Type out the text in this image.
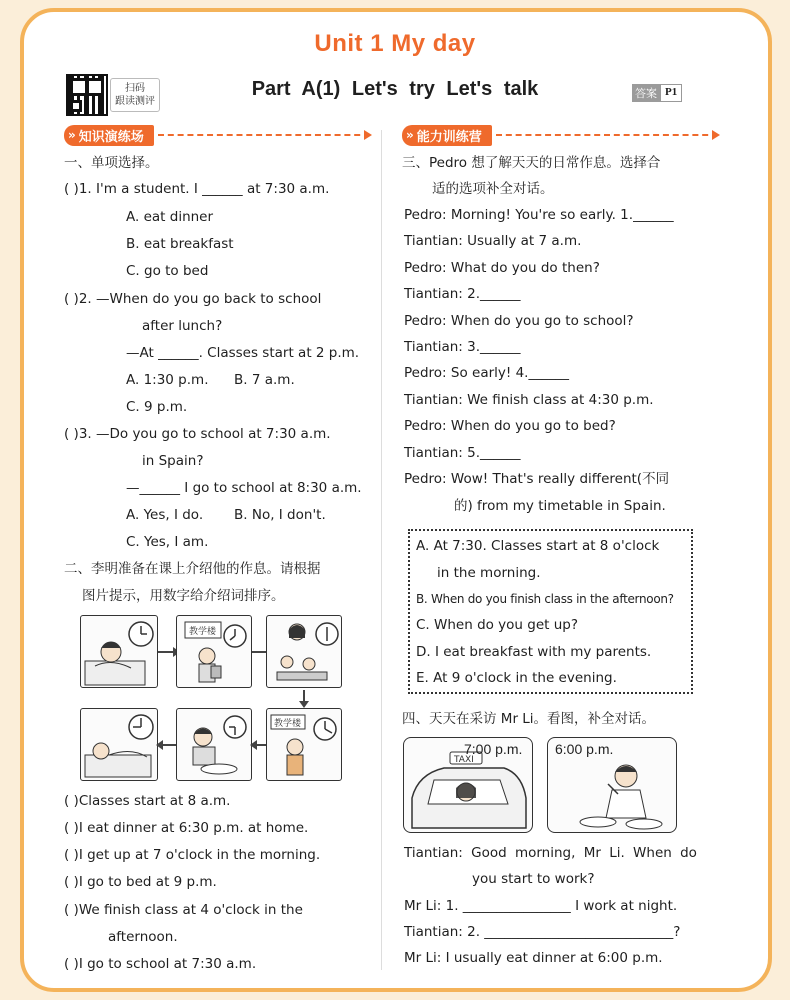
Unit 1 My day
扫码
跟读测评
Part A(1) Let's try Let's talk	答案 P1
» 知识演练场
一、单项选择。
( )1. I'm a student. I ______ at 7:30 a.m.
A. eat dinner
B. eat breakfast
C. go to bed
( )2. —When do you go back to school
after lunch?
—At ______. Classes start at 2 p.m.
A. 1:30 p.m. B. 7 a.m.
C. 9 p.m.
( )3. —Do you go to school at 7:30 a.m.
in Spain?
—______ I go to school at 8:30 a.m.
A. Yes, I do. B. No, I don't.
C. Yes, I am.
二、李明准备在课上介绍他的作息。请根据
图片提示，用数字给介绍词排序。
教学楼
教学楼
( )Classes start at 8 a.m.
( )I eat dinner at 6:30 p.m. at home.
( )I get up at 7 o'clock in the morning.
( )I go to bed at 9 p.m.
( )We finish class at 4 o'clock in the
afternoon.
( )I go to school at 7:30 a.m.
» 能力训练营
三、Pedro 想了解天天的日常作息。选择合
适的选项补全对话。
Pedro: Morning! You're so early. 1.______
Tiantian: Usually at 7 a.m.
Pedro: What do you do then?
Tiantian: 2.______
Pedro: When do you go to school?
Tiantian: 3.______
Pedro: So early! 4.______
Tiantian: We finish class at 4:30 p.m.
Pedro: When do you go to bed?
Tiantian: 5.______
Pedro: Wow! That's really different(不同
的) from my timetable in Spain.
A. At 7:30. Classes start at 8 o'clock
in the morning.
B. When do you finish class in the afternoon?
C. When do you get up?
D. I eat breakfast with my parents.
E. At 9 o'clock in the evening.
四、天天在采访 Mr Li。看图，补全对话。
TAXI
7:00 p.m. 6:00 p.m.
Tiantian: Good morning, Mr Li. When do
you start to work?
Mr Li: 1. ________________ I work at night.
Tiantian: 2. ____________________________?
Mr Li: I usually eat dinner at 6:00 p.m.
